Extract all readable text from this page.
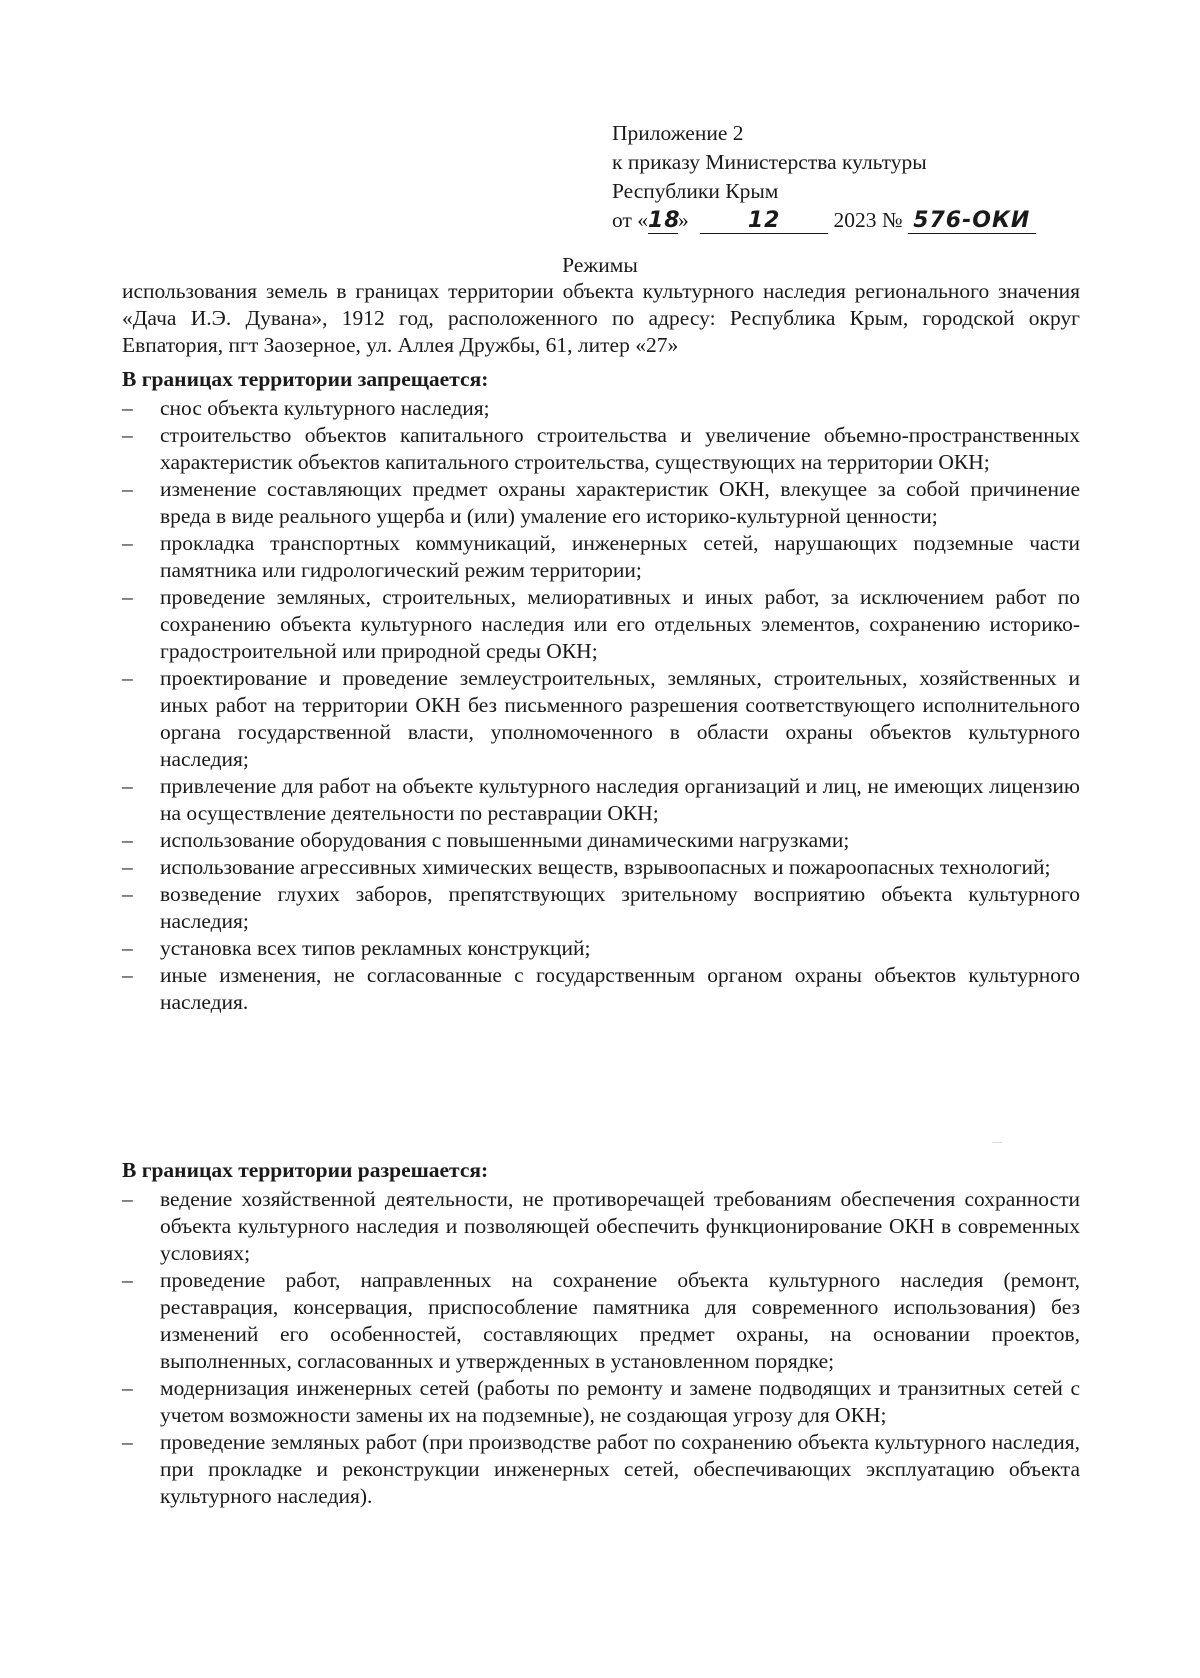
Приложение 2
к приказу Министерства культуры
Республики Крым
от «18»	12 2023 № 576-ОКИ
Режимы
использования земель в границах территории объекта культурного наследия регионального значения «Дача И.Э. Дувана», 1912 год, расположенного по адресу: Республика Крым, городской округ Евпатория, пгт Заозерное, ул. Аллея Дружбы, 61, литер «27»
В границах территории запрещается:
– снос объекта культурного наследия;
– строительство объектов капитального строительства и увеличение объемно-пространственных характеристик объектов капитального строительства, существующих на территории ОКН;
– изменение составляющих предмет охраны характеристик ОКН, влекущее за собой причинение вреда в виде реального ущерба и (или) умаление его историко-культурной ценности;
– прокладка транспортных коммуникаций, инженерных сетей, нарушающих подземные части памятника или гидрологический режим территории;
– проведение земляных, строительных, мелиоративных и иных работ, за исключением работ по сохранению объекта культурного наследия или его отдельных элементов, сохранению историко-градостроительной или природной среды ОКН;
– проектирование и проведение землеустроительных, земляных, строительных, хозяйственных и иных работ на территории ОКН без письменного разрешения соответствующего исполнительного органа государственной власти, уполномоченного в области охраны объектов культурного наследия;
– привлечение для работ на объекте культурного наследия организаций и лиц, не имеющих лицензию на осуществление деятельности по реставрации ОКН;
– использование оборудования с повышенными динамическими нагрузками;
– использование агрессивных химических веществ, взрывоопасных и пожароопасных технологий;
– возведение глухих заборов, препятствующих зрительному восприятию объекта культурного наследия;
– установка всех типов рекламных конструкций;
– иные изменения, не согласованные с государственным органом охраны объектов культурного наследия.
В границах территории разрешается:
– ведение хозяйственной деятельности, не противоречащей требованиям обеспечения сохранности объекта культурного наследия и позволяющей обеспечить функционирование ОКН в современных условиях;
– проведение работ, направленных на сохранение объекта культурного наследия (ремонт, реставрация, консервация, приспособление памятника для современного использования) без изменений его особенностей, составляющих предмет охраны, на основании проектов, выполненных, согласованных и утвержденных в установленном порядке;
– модернизация инженерных сетей (работы по ремонту и замене подводящих и транзитных сетей с учетом возможности замены их на подземные), не создающая угрозу для ОКН;
– проведение земляных работ (при производстве работ по сохранению объекта культурного наследия, при прокладке и реконструкции инженерных сетей, обеспечивающих эксплуатацию объекта культурного наследия).
